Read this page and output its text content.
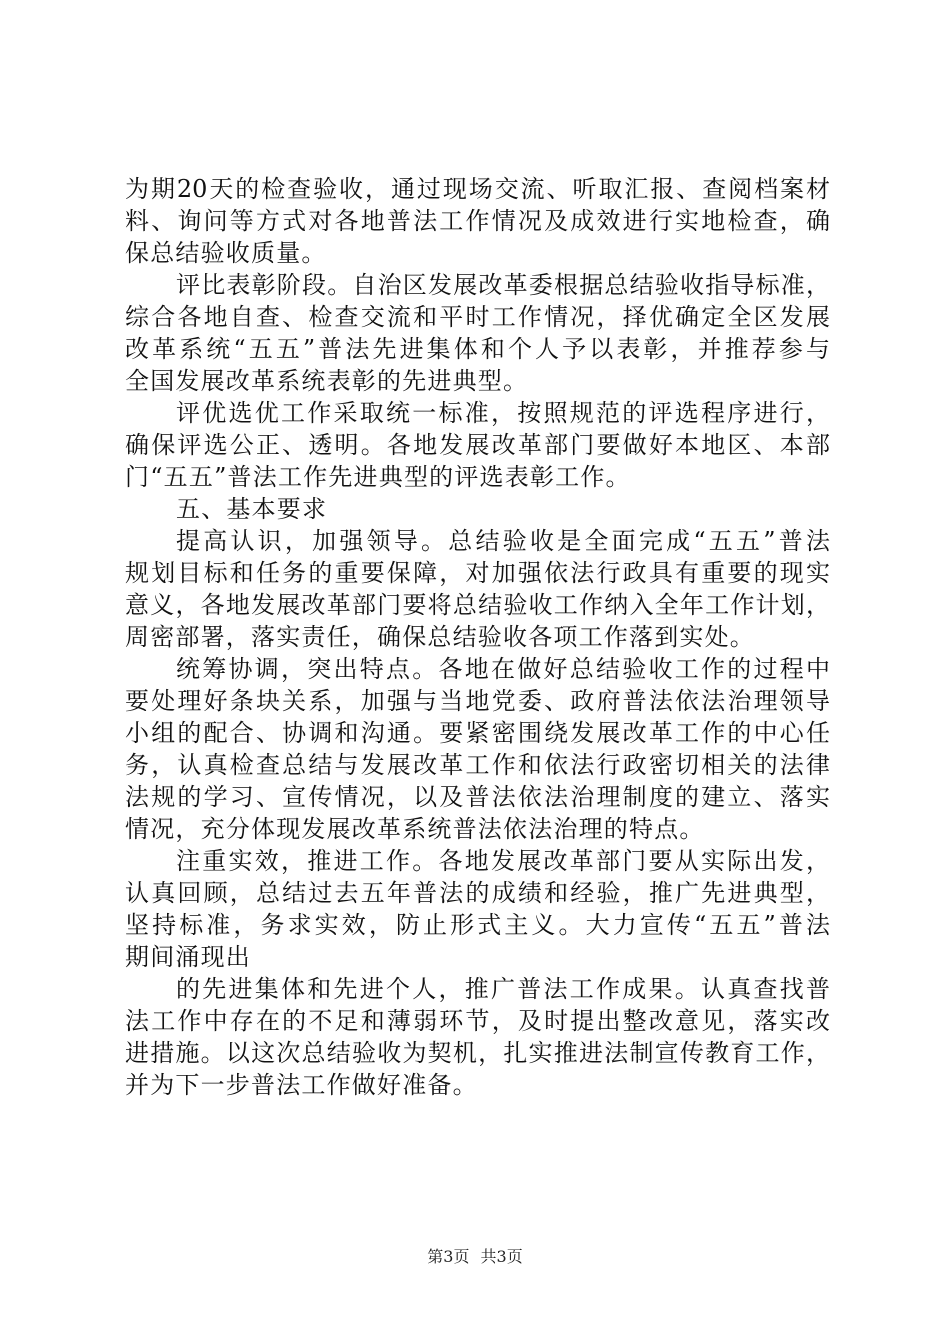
为期20天的检查验收，通过现场交流、听取汇报、查阅档案材
料、询问等方式对各地普法工作情况及成效进行实地检查，确
保总结验收质量。
评比表彰阶段。自治区发展改革委根据总结验收指导标准，
综合各地自查、检查交流和平时工作情况，择优确定全区发展
改革系统“五五”普法先进集体和个人予以表彰，并推荐参与
全国发展改革系统表彰的先进典型。
评优选优工作采取统一标准，按照规范的评选程序进行，
确保评选公正、透明。各地发展改革部门要做好本地区、本部
门“五五”普法工作先进典型的评选表彰工作。
五、基本要求
提高认识，加强领导。总结验收是全面完成“五五”普法
规划目标和任务的重要保障，对加强依法行政具有重要的现实
意义，各地发展改革部门要将总结验收工作纳入全年工作计划，
周密部署，落实责任，确保总结验收各项工作落到实处。
统筹协调，突出特点。各地在做好总结验收工作的过程中
要处理好条块关系，加强与当地党委、政府普法依法治理领导
小组的配合、协调和沟通。要紧密围绕发展改革工作的中心任
务，认真检查总结与发展改革工作和依法行政密切相关的法律
法规的学习、宣传情况，以及普法依法治理制度的建立、落实
情况，充分体现发展改革系统普法依法治理的特点。
注重实效，推进工作。各地发展改革部门要从实际出发，
认真回顾，总结过去五年普法的成绩和经验，推广先进典型，
坚持标准，务求实效，防止形式主义。大力宣传“五五”普法
期间涌现出
的先进集体和先进个人，推广普法工作成果。认真查找普
法工作中存在的不足和薄弱环节，及时提出整改意见，落实改
进措施。以这次总结验收为契机，扎实推进法制宣传教育工作，
并为下一步普法工作做好准备。
第3页 共3页
